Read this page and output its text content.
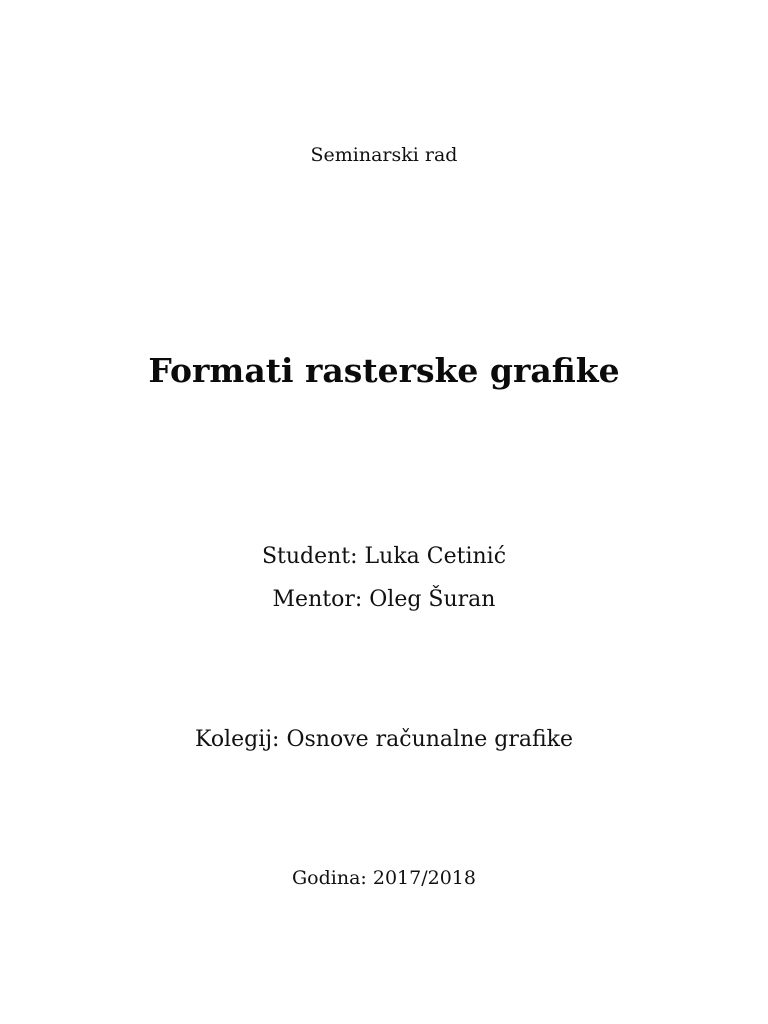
Seminarski rad
Formati rasterske grafike
Student: Luka Cetinić
Mentor: Oleg Šuran
Kolegij: Osnove računalne grafike
Godina: 2017/2018
